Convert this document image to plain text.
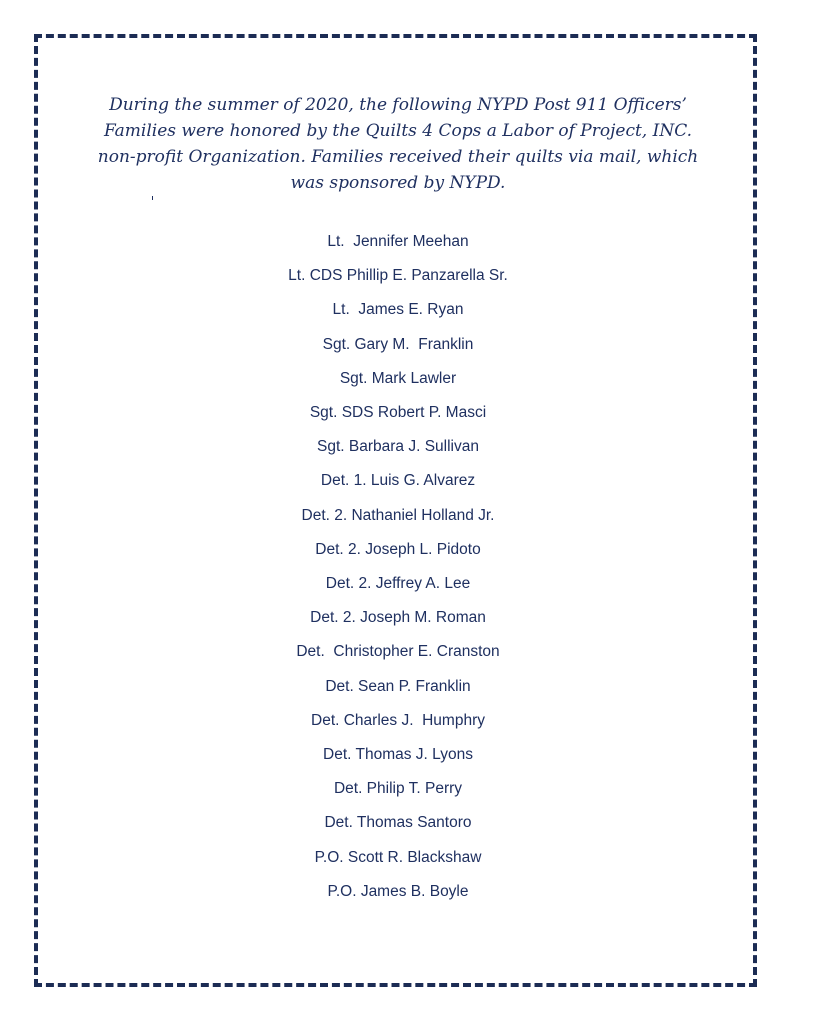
During the summer of 2020, the following NYPD Post 911 Officers’
Families were honored by the Quilts 4 Cops a Labor of Project, INC.
non-profit Organization. Families received their quilts via mail, which
was sponsored by NYPD.
Lt.  Jennifer Meehan
Lt. CDS Phillip E. Panzarella Sr.
Lt.  James E. Ryan
Sgt. Gary M.  Franklin
Sgt. Mark Lawler
Sgt. SDS Robert P. Masci
Sgt. Barbara J. Sullivan
Det. 1. Luis G. Alvarez
Det. 2. Nathaniel Holland Jr.
Det. 2. Joseph L. Pidoto
Det. 2. Jeffrey A. Lee
Det. 2. Joseph M. Roman
Det.  Christopher E. Cranston
Det. Sean P. Franklin
Det. Charles J.  Humphry
Det. Thomas J. Lyons
Det. Philip T. Perry
Det. Thomas Santoro
P.O. Scott R. Blackshaw
P.O. James B. Boyle
